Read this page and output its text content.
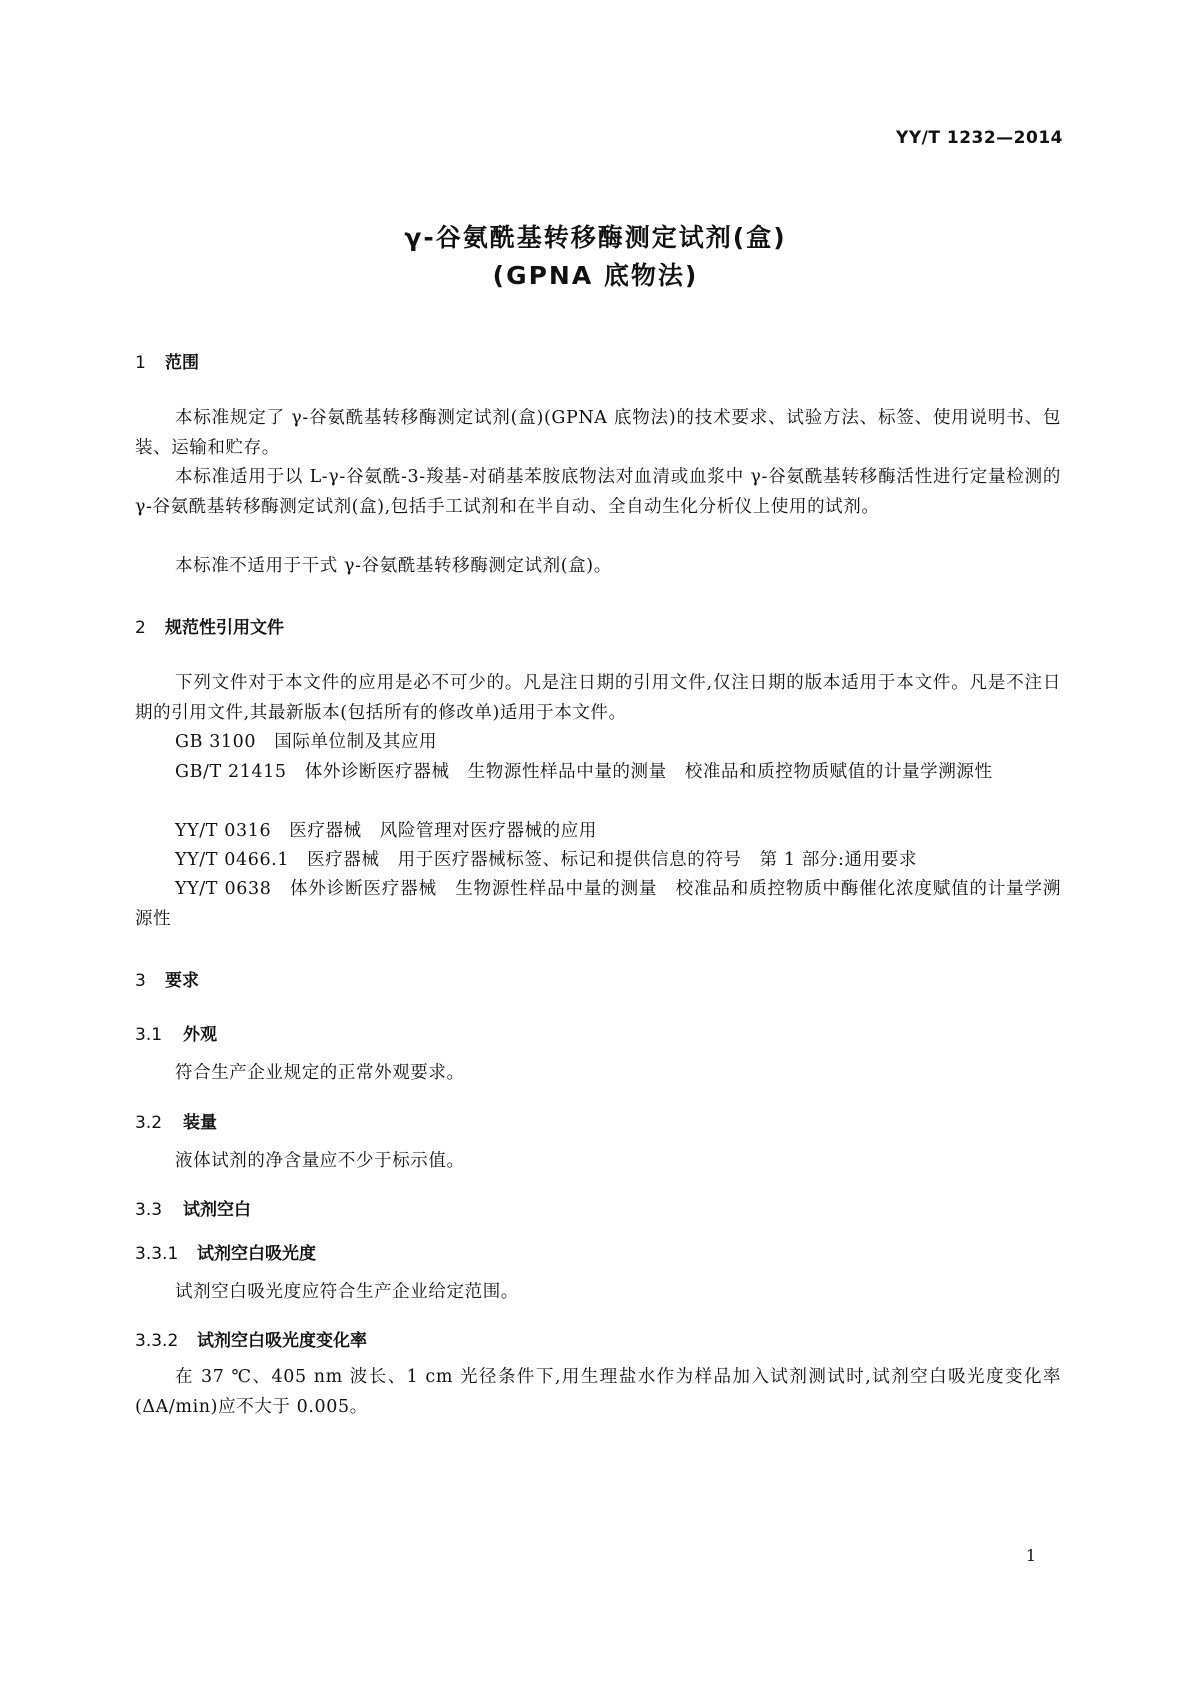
YY/T 1232—2014
γ-谷氨酰基转移酶测定试剂(盒)
(GPNA 底物法)
1 范围

本标准规定了 γ-谷氨酰基转移酶测定试剂(盒)(GPNA 底物法)的技术要求、试验方法、标签、使用说明书、包装、运输和贮存。

本标准适用于以 L-γ-谷氨酰-3-羧基-对硝基苯胺底物法对血清或血浆中 γ-谷氨酰基转移酶活性进行定量检测的 γ-谷氨酰基转移酶测定试剂(盒),包括手工试剂和在半自动、全自动生化分析仪上使用的试剂。

本标准不适用于干式 γ-谷氨酰基转移酶测定试剂(盒)。

2 规范性引用文件

下列文件对于本文件的应用是必不可少的。凡是注日期的引用文件,仅注日期的版本适用于本文件。凡是不注日期的引用文件,其最新版本(包括所有的修改单)适用于本文件。

GB 3100　国际单位制及其应用

GB/T 21415　体外诊断医疗器械　生物源性样品中量的测量　校准品和质控物质赋值的计量学溯源性

YY/T 0316　医疗器械　风险管理对医疗器械的应用

YY/T 0466.1　医疗器械　用于医疗器械标签、标记和提供信息的符号　第 1 部分:通用要求

YY/T 0638　体外诊断医疗器械　生物源性样品中量的测量　校准品和质控物质中酶催化浓度赋值的计量学溯源性

3 要求
3.1 外观

符合生产企业规定的正常外观要求。

3.2 装量

液体试剂的净含量应不少于标示值。

3.3 试剂空白
3.3.1 试剂空白吸光度

试剂空白吸光度应符合生产企业给定范围。

3.3.2 试剂空白吸光度变化率

在 37 ℃、405 nm 波长、1 cm 光径条件下,用生理盐水作为样品加入试剂测试时,试剂空白吸光度变化率(ΔA/min)应不大于 0.005。

1
